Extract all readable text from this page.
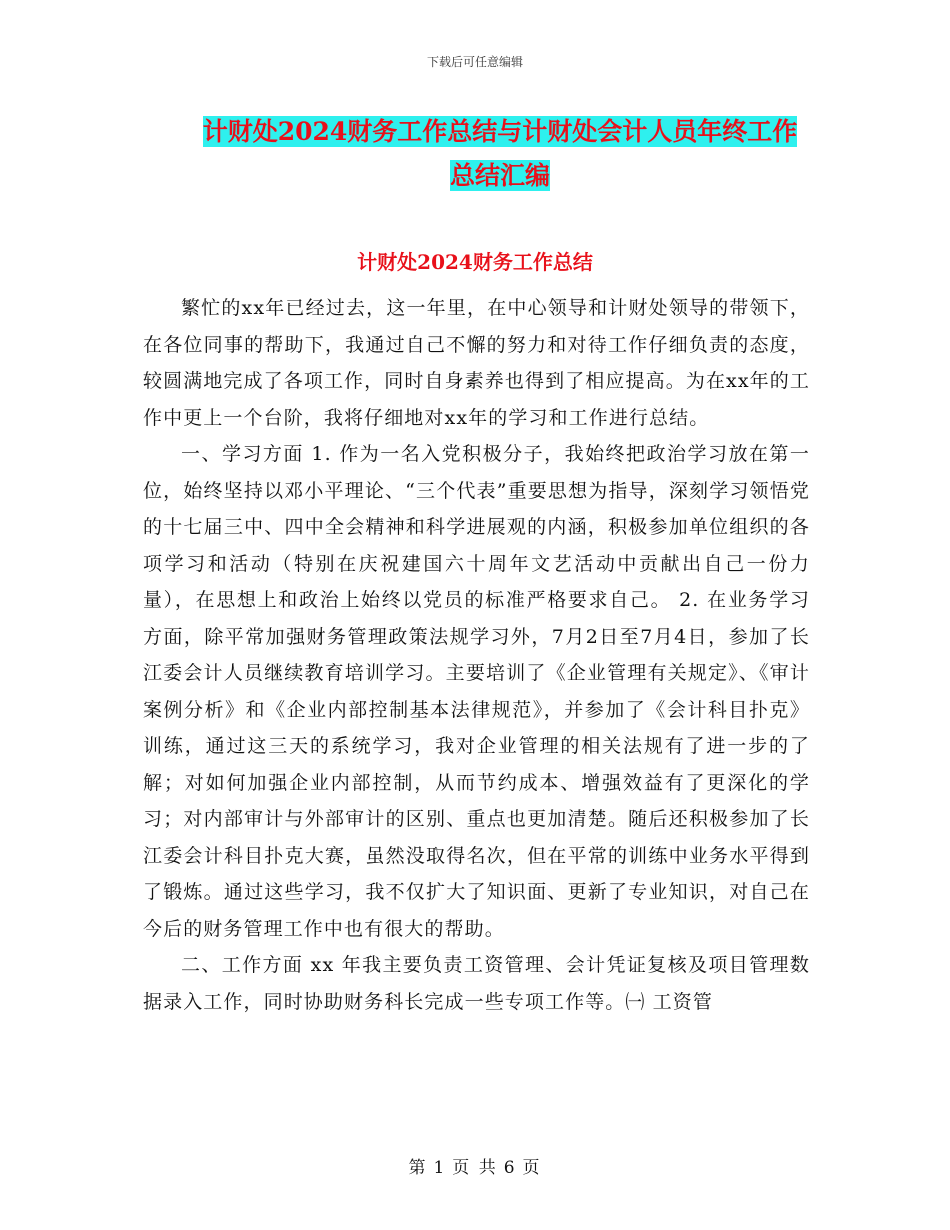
下载后可任意编辑
计财处2024财务工作总结与计财处会计人员年终工作
总结汇编
计财处2024财务工作总结

繁忙的xx年已经过去，这一年里，在中心领导和计财处领导的带领下，在各位同事的帮助下，我通过自己不懈的努力和对待工作仔细负责的态度，较圆满地完成了各项工作，同时自身素养也得到了相应提高。为在xx年的工作中更上一个台阶，我将仔细地对xx年的学习和工作进行总结。

一、学习方面 1. 作为一名入党积极分子，我始终把政治学习放在第一位，始终坚持以邓小平理论、“三个代表”重要思想为指导，深刻学习领悟党的十七届三中、四中全会精神和科学进展观的内涵，积极参加单位组织的各项学习和活动（特别在庆祝建国六十周年文艺活动中贡献出自己一份力量），在思想上和政治上始终以党员的标准严格要求自己。 2. 在业务学习方面，除平常加强财务管理政策法规学习外，7月2日至7月4日，参加了长江委会计人员继续教育培训学习。主要培训了《企业管理有关规定》、《审计案例分析》和《企业内部控制基本法律规范》，并参加了《会计科目扑克》训练，通过这三天的系统学习，我对企业管理的相关法规有了进一步的了解；对如何加强企业内部控制，从而节约成本、增强效益有了更深化的学习；对内部审计与外部审计的区别、重点也更加清楚。随后还积极参加了长江委会计科目扑克大赛，虽然没取得名次，但在平常的训练中业务水平得到了锻炼。通过这些学习，我不仅扩大了知识面、更新了专业知识，对自己在今后的财务管理工作中也有很大的帮助。

二、工作方面 xx 年我主要负责工资管理、会计凭证复核及项目管理数据录入工作，同时协助财务科长完成一些专项工作等。㈠ 工资管

第 1 页 共 6 页
